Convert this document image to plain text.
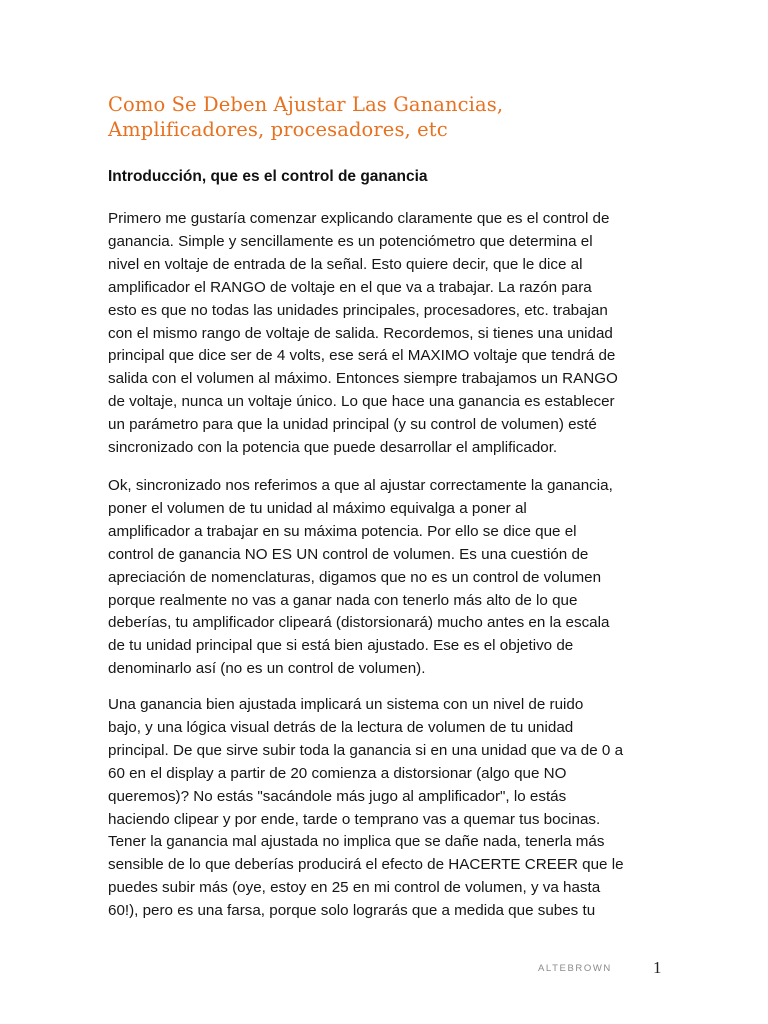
Como Se Deben Ajustar Las Ganancias,
Amplificadores, procesadores, etc
Introducción, que es el control de ganancia

Primero me gustaría comenzar explicando claramente que es el control de
ganancia. Simple y sencillamente es un potenciómetro que determina el
nivel en voltaje de entrada de la señal. Esto quiere decir, que le dice al
amplificador el RANGO de voltaje en el que va a trabajar. La razón para
esto es que no todas las unidades principales, procesadores, etc. trabajan
con el mismo rango de voltaje de salida. Recordemos, si tienes una unidad
principal que dice ser de 4 volts, ese será el MAXIMO voltaje que tendrá de
salida con el volumen al máximo. Entonces siempre trabajamos un RANGO
de voltaje, nunca un voltaje único. Lo que hace una ganancia es establecer
un parámetro para que la unidad principal (y su control de volumen) esté
sincronizado con la potencia que puede desarrollar el amplificador.

Ok, sincronizado nos referimos a que al ajustar correctamente la ganancia,
poner el volumen de tu unidad al máximo equivalga a poner al
amplificador a trabajar en su máxima potencia. Por ello se dice que el
control de ganancia NO ES UN control de volumen. Es una cuestión de
apreciación de nomenclaturas, digamos que no es un control de volumen
porque realmente no vas a ganar nada con tenerlo más alto de lo que
deberías, tu amplificador clipeará (distorsionará) mucho antes en la escala
de tu unidad principal que si está bien ajustado. Ese es el objetivo de
denominarlo así (no es un control de volumen).

Una ganancia bien ajustada implicará un sistema con un nivel de ruido
bajo, y una lógica visual detrás de la lectura de volumen de tu unidad
principal. De que sirve subir toda la ganancia si en una unidad que va de 0 a
60 en el display a partir de 20 comienza a distorsionar (algo que NO
queremos)? No estás "sacándole más jugo al amplificador", lo estás
haciendo clipear y por ende, tarde o temprano vas a quemar tus bocinas.
Tener la ganancia mal ajustada no implica que se dañe nada, tenerla más
sensible de lo que deberías producirá el efecto de HACERTE CREER que le
puedes subir más (oye, estoy en 25 en mi control de volumen, y va hasta
60!), pero es una farsa, porque solo lograrás que a medida que subes tu

ALTEBROWN 1
